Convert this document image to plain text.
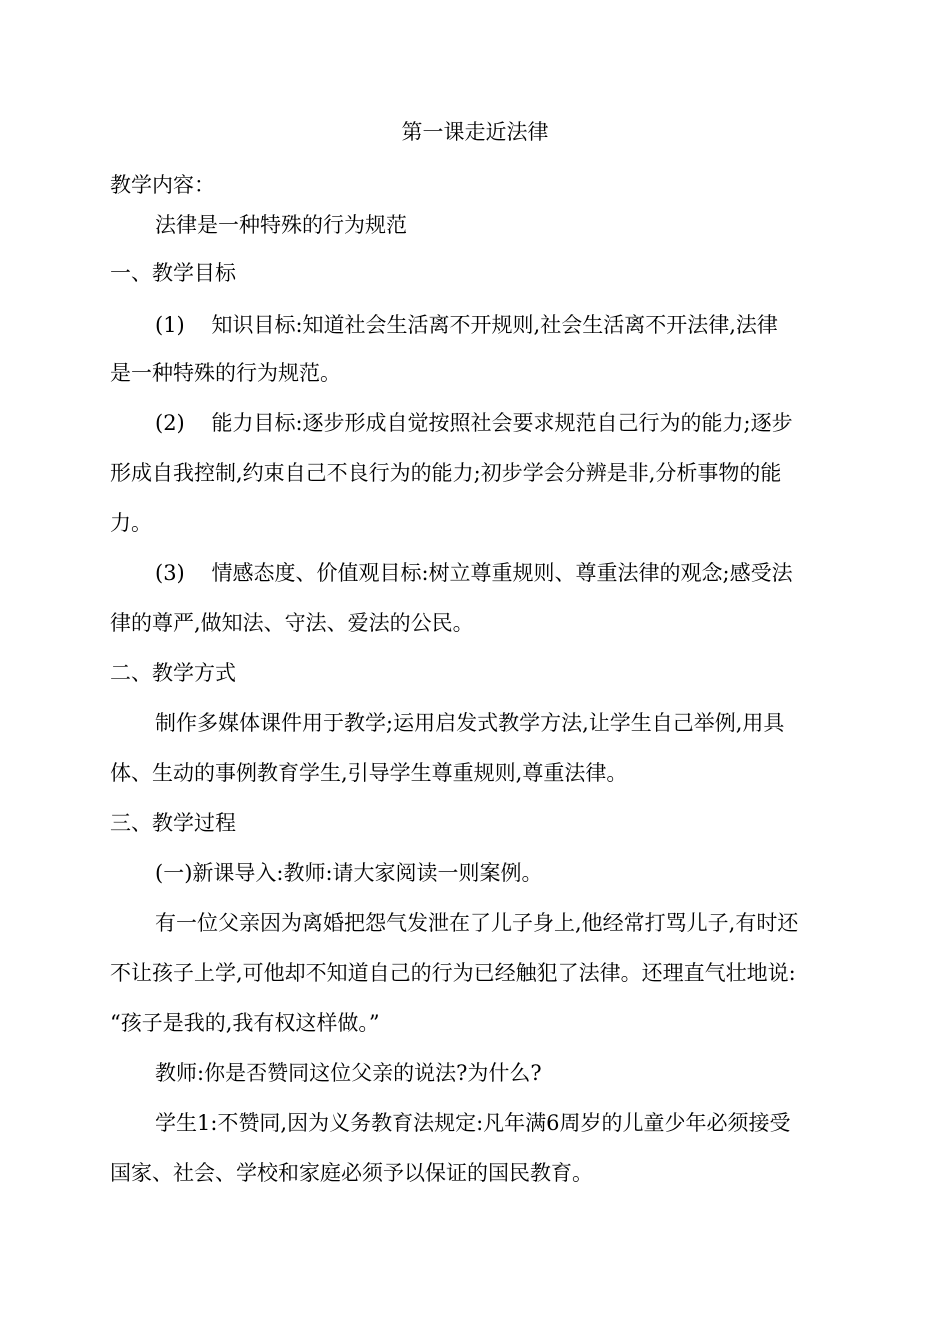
第一课走近法律
教学内容：
法律是一种特殊的行为规范
一、教学目标
(1)    知识目标:知道社会生活离不开规则,社会生活离不开法律,法律
是一种特殊的行为规范。
(2)    能力目标:逐步形成自觉按照社会要求规范自己行为的能力;逐步
形成自我控制,约束自己不良行为的能力;初步学会分辨是非,分析事物的能
力。
(3)    情感态度、价值观目标:树立尊重规则、尊重法律的观念;感受法
律的尊严,做知法、守法、爱法的公民。
二、教学方式
制作多媒体课件用于教学;运用启发式教学方法,让学生自己举例,用具
体、生动的事例教育学生,引导学生尊重规则,尊重法律。
三、教学过程
(一)新课导入:教师:请大家阅读一则案例。
有一位父亲因为离婚把怨气发泄在了儿子身上,他经常打骂儿子,有时还
不让孩子上学,可他却不知道自己的行为已经触犯了法律。还理直气壮地说:
“孩子是我的,我有权这样做。”
教师:你是否赞同这位父亲的说法?为什么?
学生1:不赞同,因为义务教育法规定:凡年满6周岁的儿童少年必须接受
国家、社会、学校和家庭必须予以保证的国民教育。
